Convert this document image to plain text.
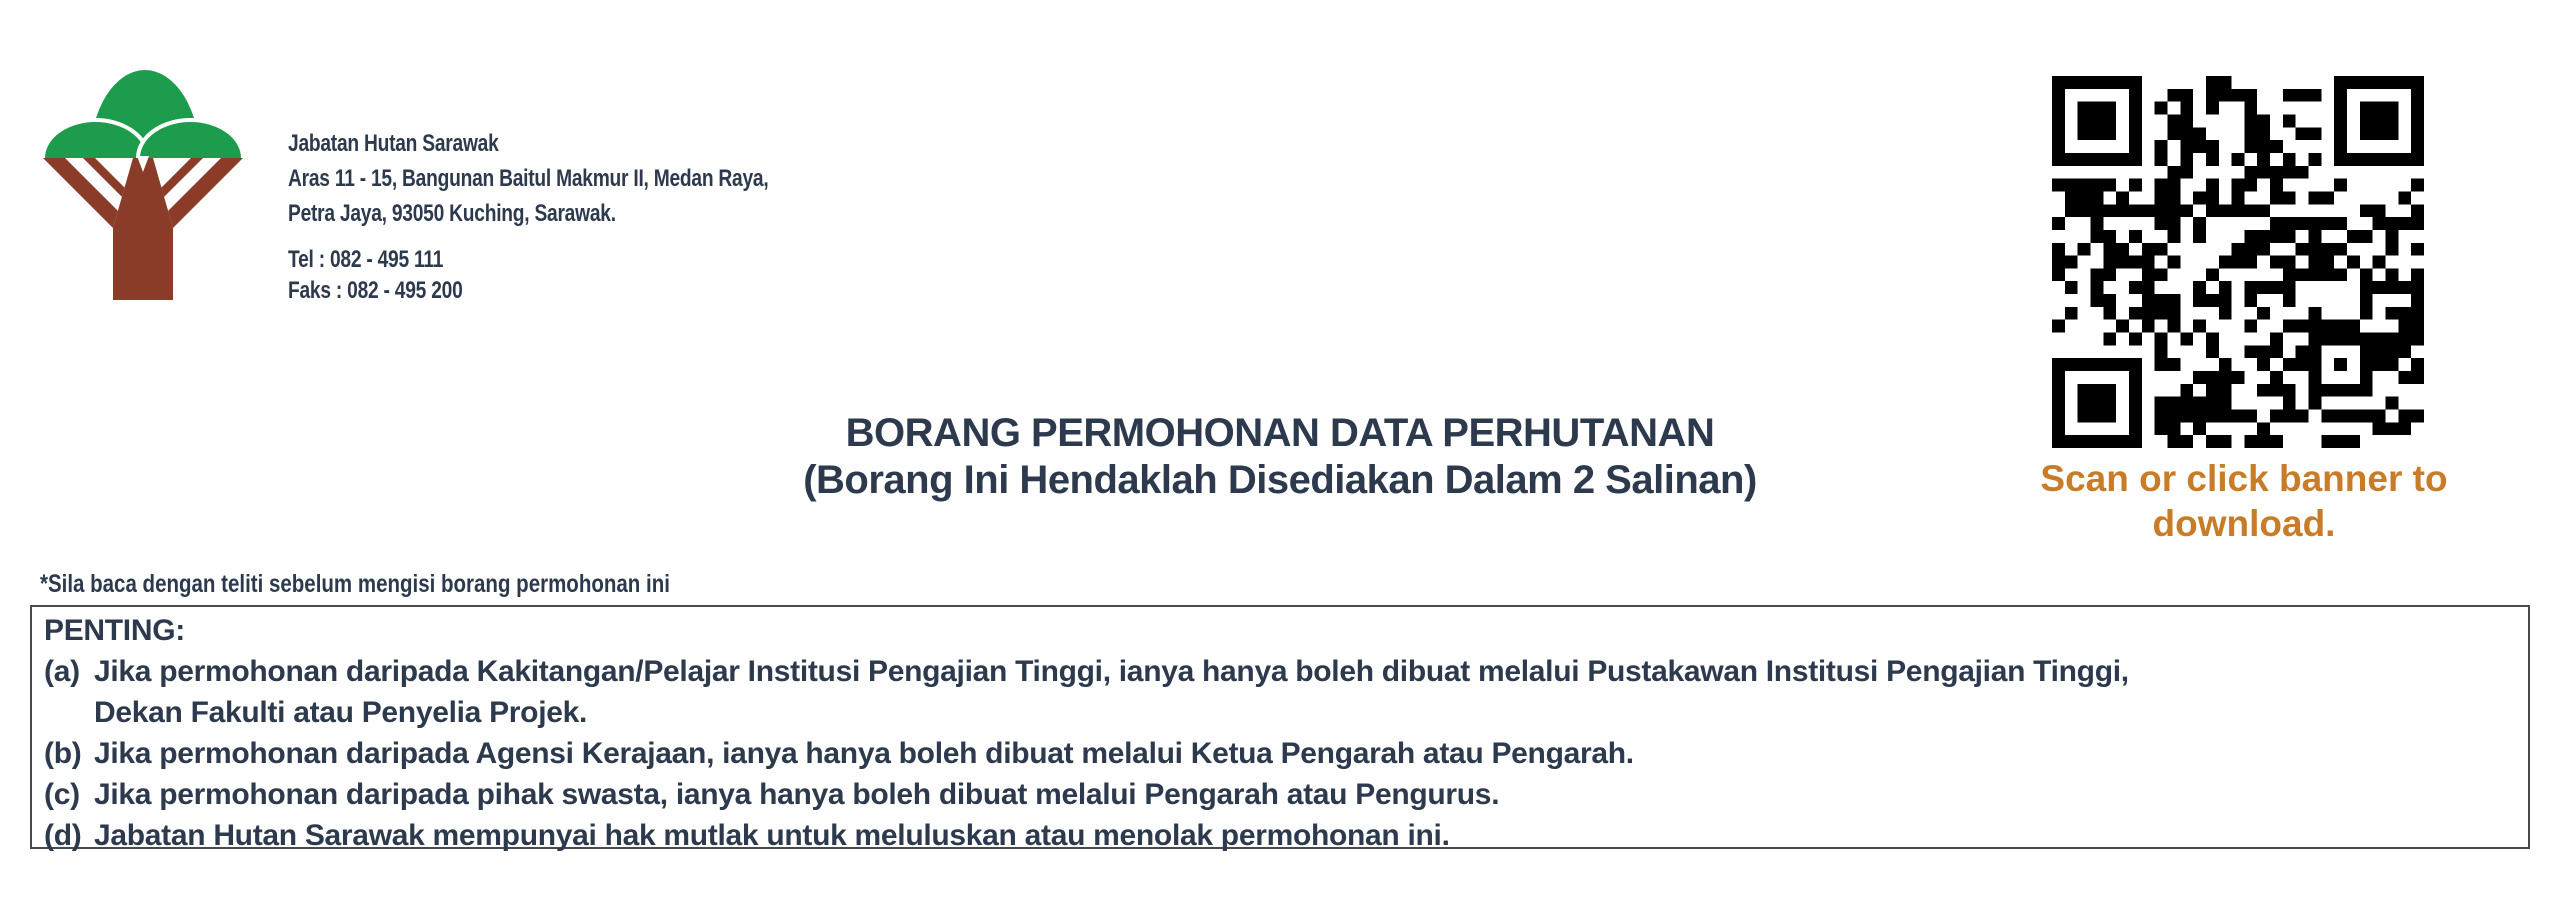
Jabatan Hutan Sarawak
Aras 11 - 15, Bangunan Baitul Makmur II, Medan Raya,
Petra Jaya, 93050 Kuching, Sarawak.
Tel : 082 - 495 111
Faks : 082 - 495 200
BORANG PERMOHONAN DATA PERHUTANAN
(Borang Ini Hendaklah Disediakan Dalam 2 Salinan)	Scan or click banner to
download.
*Sila baca dengan teliti sebelum mengisi borang permohonan ini
PENTING:
(a) Jika permohonan daripada Kakitangan/Pelajar Institusi Pengajian Tinggi, ianya hanya boleh dibuat melalui Pustakawan Institusi Pengajian Tinggi,
Dekan Fakulti atau Penyelia Projek.
(b) Jika permohonan daripada Agensi Kerajaan, ianya hanya boleh dibuat melalui Ketua Pengarah atau Pengarah.
(c) Jika permohonan daripada pihak swasta, ianya hanya boleh dibuat melalui Pengarah atau Pengurus.
(d) Jabatan Hutan Sarawak mempunyai hak mutlak untuk meluluskan atau menolak permohonan ini.
